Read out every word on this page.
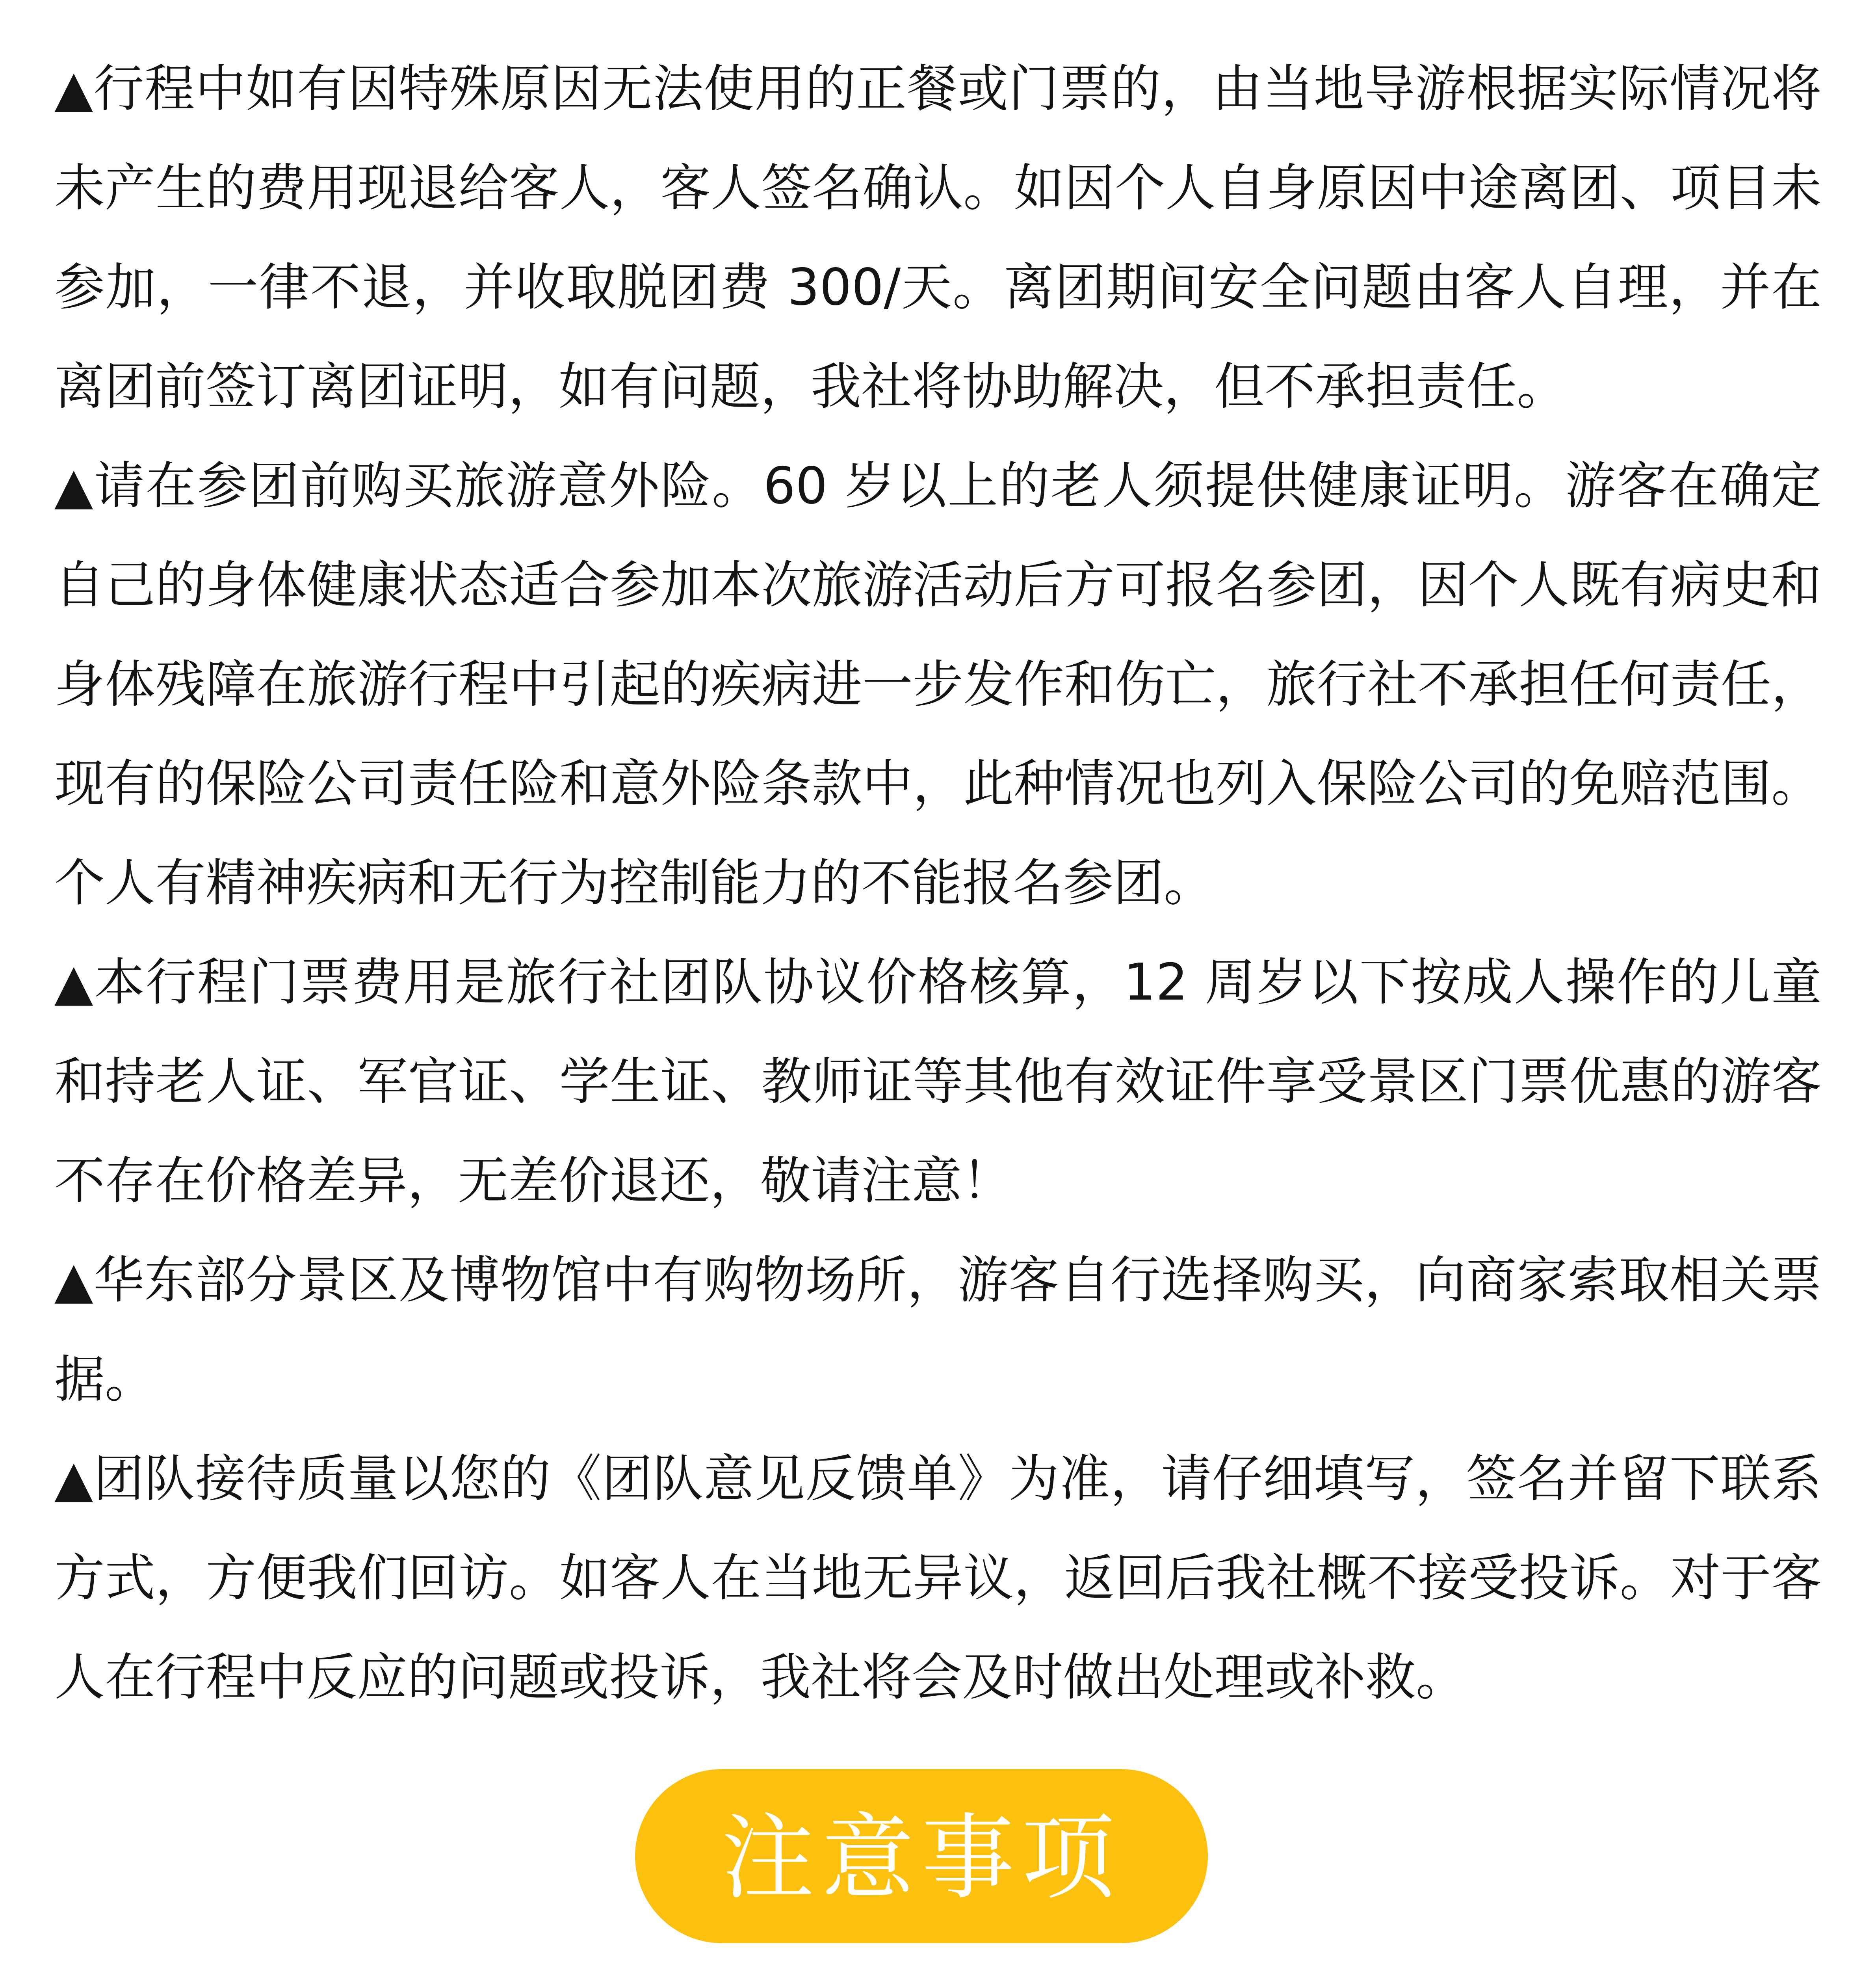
▲行程中如有因特殊原因无法使用的正餐或门票的，由当地导游根据实际情况将未产生的费用现退给客人，客人签名确认。如因个人自身原因中途离团、项目未参加，一律不退，并收取脱团费 300/天。离团期间安全问题由客人自理，并在离团前签订离团证明，如有问题，我社将协助解决，但不承担责任。

▲请在参团前购买旅游意外险。60 岁以上的老人须提供健康证明。游客在确定自己的身体健康状态适合参加本次旅游活动后方可报名参团，因个人既有病史和身体残障在旅游行程中引起的疾病进一步发作和伤亡，旅行社不承担任何责任，现有的保险公司责任险和意外险条款中，此种情况也列入保险公司的免赔范围。个人有精神疾病和无行为控制能力的不能报名参团。

▲本行程门票费用是旅行社团队协议价格核算，12 周岁以下按成人操作的儿童和持老人证、军官证、学生证、教师证等其他有效证件享受景区门票优惠的游客不存在价格差异，无差价退还，敬请注意！

▲华东部分景区及博物馆中有购物场所，游客自行选择购买，向商家索取相关票据。

▲团队接待质量以您的《团队意见反馈单》为准，请仔细填写，签名并留下联系方式，方便我们回访。如客人在当地无异议，返回后我社概不接受投诉。对于客人在行程中反应的问题或投诉，我社将会及时做出处理或补救。

注意事项
